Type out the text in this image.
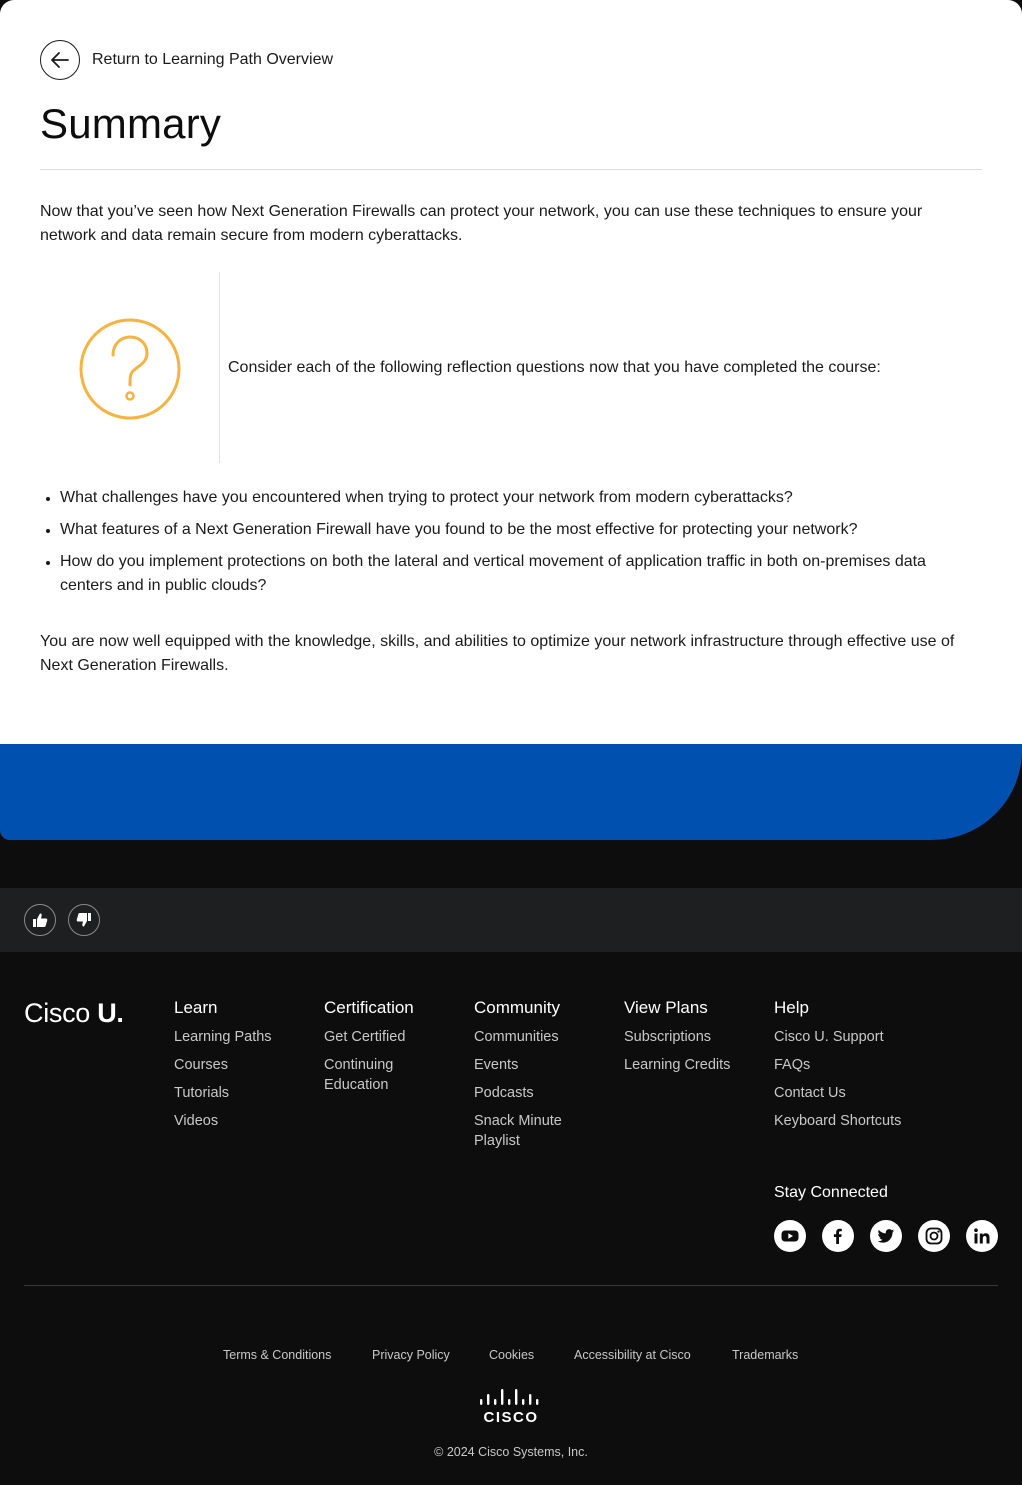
Return to Learning Path Overview
Summary

Now that you’ve seen how Next Generation Firewalls can protect your network, you can use these techniques to ensure your network and data remain secure from modern cyberattacks.

Consider each of the following reflection questions now that you have completed the course:

What challenges have you encountered when trying to protect your network from modern cyberattacks?
What features of a Next Generation Firewall have you found to be the most effective for protecting your network?
How do you implement protections on both the lateral and vertical movement of application traffic in both on-premises data centers and in public clouds?

You are now well equipped with the knowledge, skills, and abilities to optimize your network infrastructure through effective use of Next Generation Firewalls.

Cisco U.	Learn
Learning Paths
Courses
Tutorials
Videos
Certification
Get Certified
Continuing Education
Community
Communities
Events
Podcasts
Snack Minute Playlist
View Plans
Subscriptions
Learning Credits
Help
Cisco U. Support
FAQs
Contact Us
Keyboard Shortcuts
Stay Connected
Terms & Conditions	Privacy Policy	Cookies	Accessibility at Cisco	Trademarks
CISCO
© 2024 Cisco Systems, Inc.
